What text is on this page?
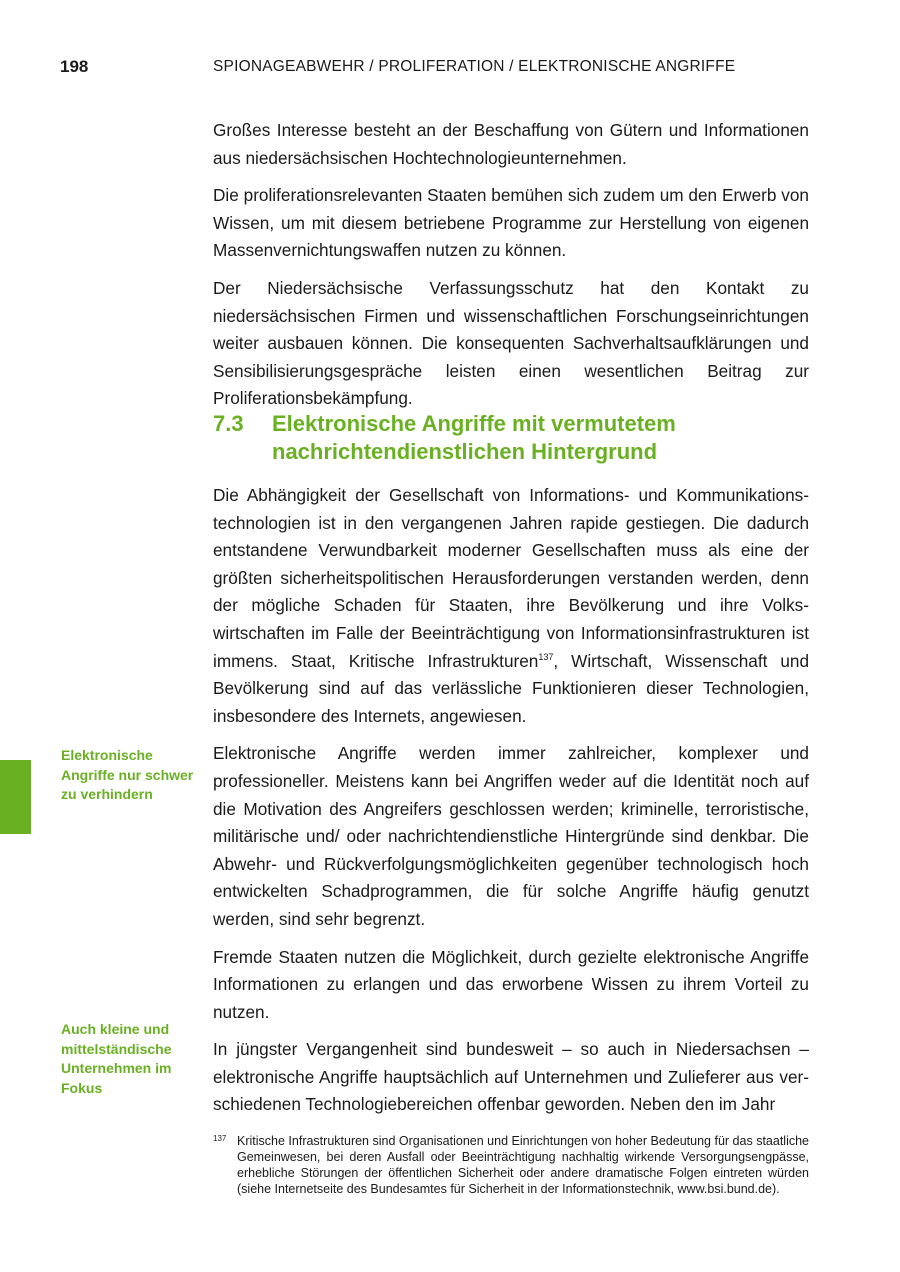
198	SPIONAGEABWEHR / PROLIFERATION / ELEKTRONISCHE ANGRIFFE

Großes Interesse besteht an der Beschaffung von Gütern und Informationen aus niedersächsischen Hochtechnologieunternehmen.

Die proliferationsrelevanten Staaten bemühen sich zudem um den Erwerb von Wissen, um mit diesem betriebene Programme zur Herstellung von eigenen Massenvernichtungswaffen nutzen zu können.

Der Niedersächsische Verfassungsschutz hat den Kontakt zu niedersächsischen Firmen und wissenschaftlichen Forschungseinrichtungen weiter ausbauen können. Die konsequenten Sachverhaltsaufklärungen und Sensibilisierungsgespräche leisten einen wesentlichen Beitrag zur Proliferationsbekämpfung.

7.3 Elektronische Angriffe mit vermutetem nachrichtendienstlichen Hintergrund

Die Abhängigkeit der Gesellschaft von Informations- und Kommunikationstechnologien ist in den vergangenen Jahren rapide gestiegen. Die dadurch entstandene Verwundbarkeit moderner Gesellschaften muss als eine der größten sicherheitspolitischen Herausforderungen verstanden werden, denn der mögliche Schaden für Staaten, ihre Bevölkerung und ihre Volkswirtschaften im Falle der Beeinträchtigung von Informationsinfrastrukturen ist immens. Staat, Kritische Infrastrukturen$^{137}$, Wirtschaft, Wissenschaft und Bevölkerung sind auf das verlässliche Funktionieren dieser Technologien, insbesondere des Internets, angewiesen.

Elektronische Angriffe werden immer zahlreicher, komplexer und professioneller. Meistens kann bei Angriffen weder auf die Identität noch auf die Motivation des Angreifers geschlossen werden; kriminelle, terroristische, militärische und/ oder nachrichtendienstliche Hintergründe sind denkbar. Die Abwehr- und Rückverfolgungsmöglichkeiten gegenüber technologisch hoch entwickelten Schadprogrammen, die für solche Angriffe häufig genutzt werden, sind sehr begrenzt.

Fremde Staaten nutzen die Möglichkeit, durch gezielte elektronische Angriffe Informationen zu erlangen und das erworbene Wissen zu ihrem Vorteil zu nutzen.

In jüngster Vergangenheit sind bundesweit – so auch in Niedersachsen – elektronische Angriffe hauptsächlich auf Unternehmen und Zulieferer aus verschiedenen Technologiebereichen offenbar geworden. Neben den im Jahr

Elektronische Angriffe nur schwer zu verhindern
Auch kleine und mittelständische Unternehmen im Fokus
137 Kritische Infrastrukturen sind Organisationen und Einrichtungen von hoher Bedeutung für das staatliche Gemeinwesen, bei deren Ausfall oder Beeinträchtigung nachhaltig wirkende Versorgungsengpässe, erhebliche Störungen der öffentlichen Sicherheit oder andere dramatische Folgen eintreten würden (siehe Internetseite des Bundesamtes für Sicherheit in der Informationstechnik, www.bsi.bund.de).
